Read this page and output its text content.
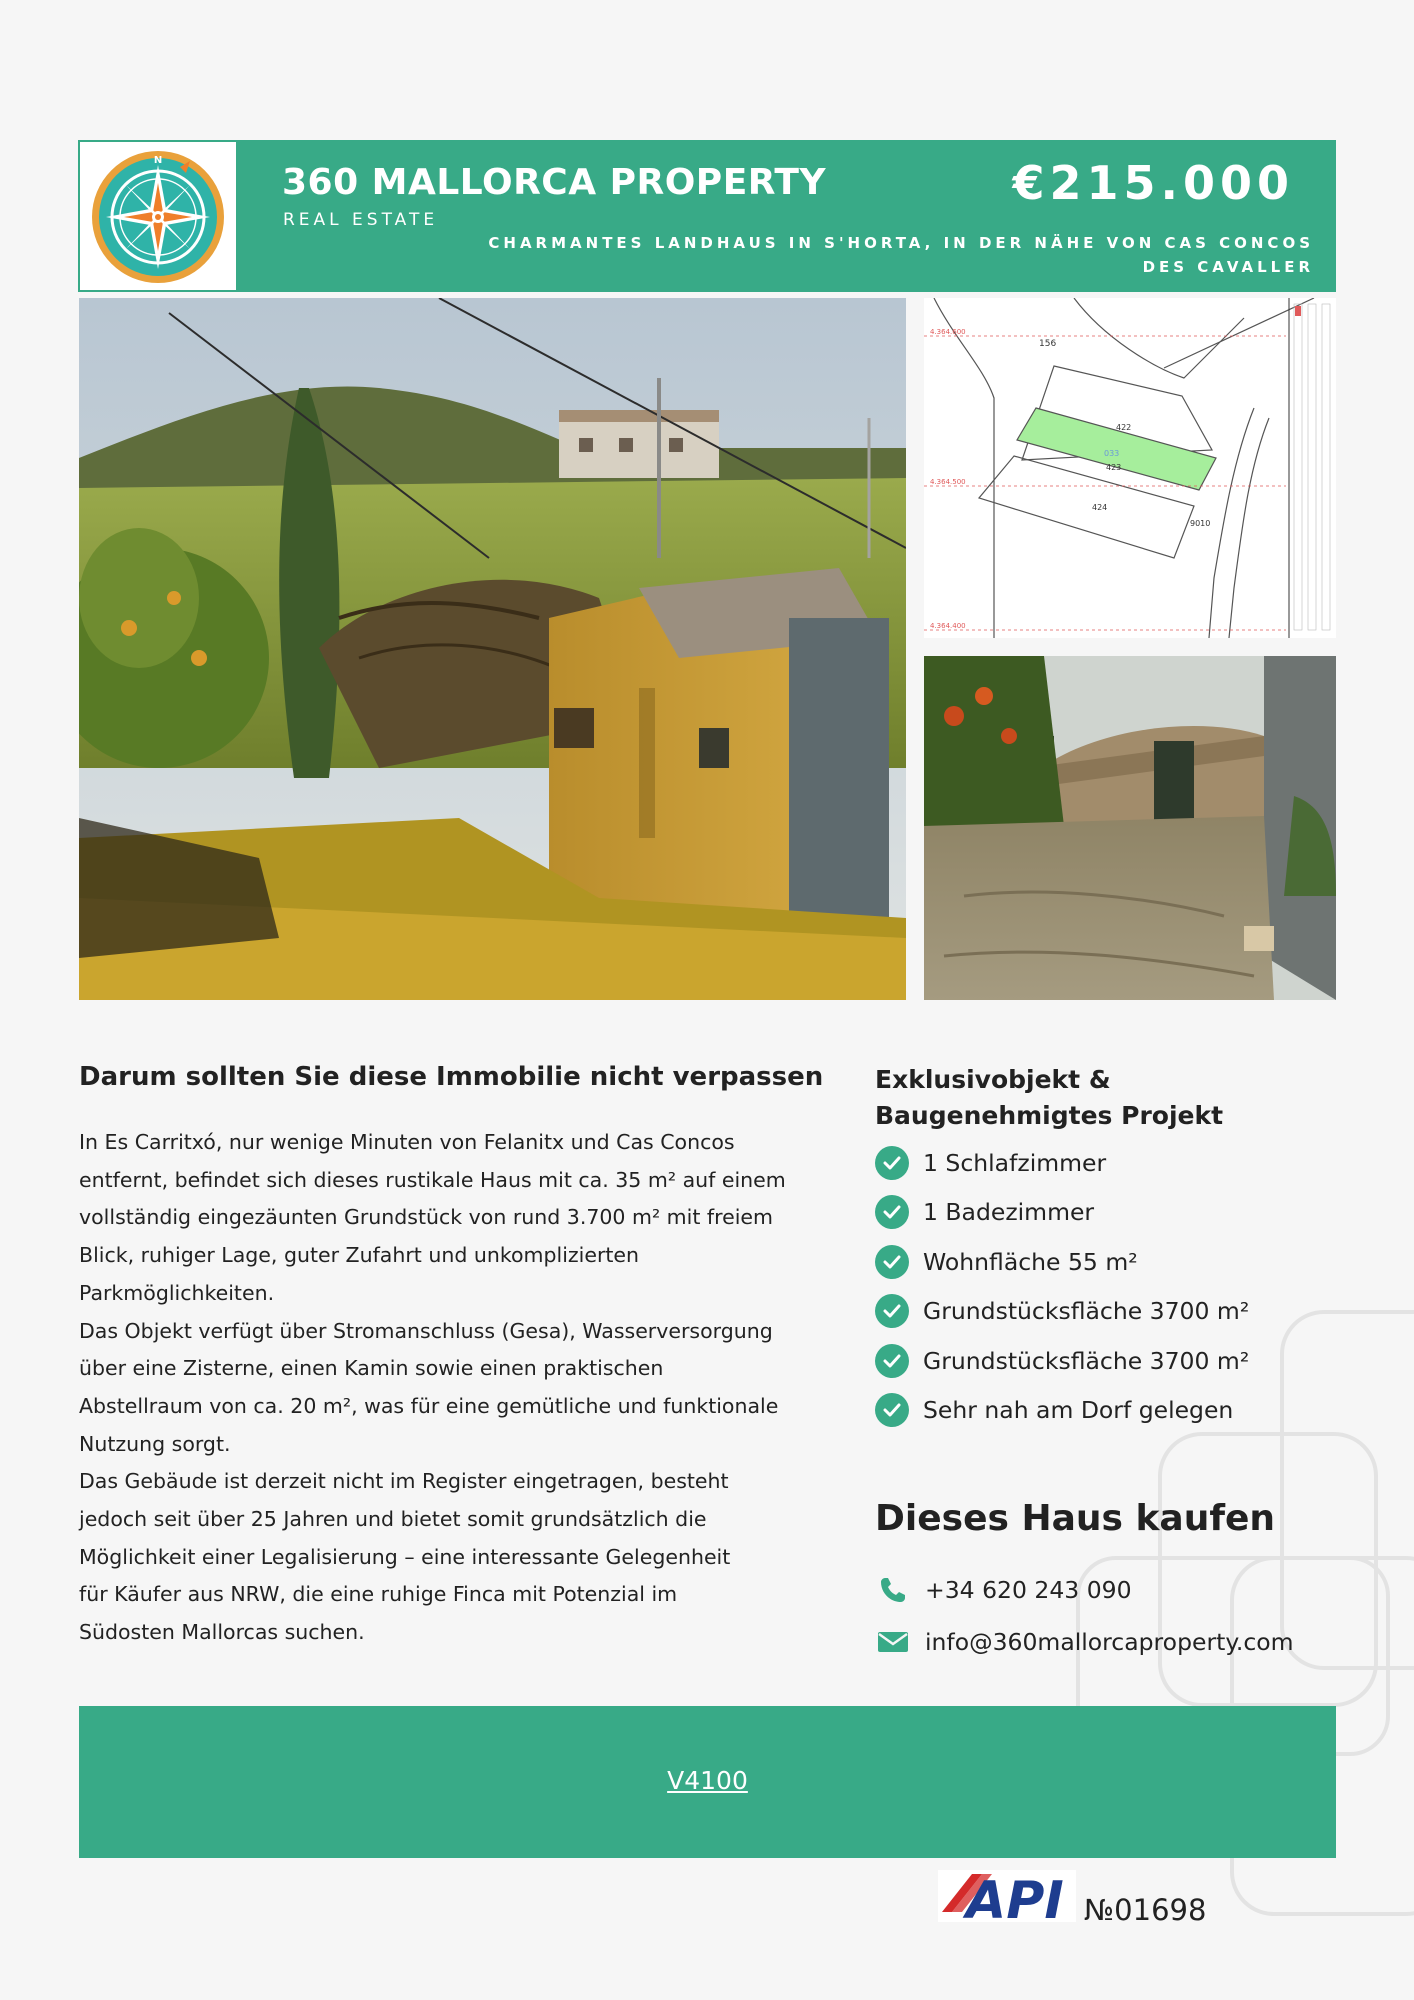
N
360 MALLORCA PROPERTY
REAL ESTATE
€215.000
CHARMANTES LANDHAUS IN S'HORTA, IN DER NÄHE VON CAS CONCOS DES CAVALLER
156
422
033
423
424
9010
4.364.600
4.364.500
4.364.400
Darum sollten Sie diese Immobilie nicht verpassen
In Es Carritxó, nur wenige Minuten von Felanitx und Cas Concos
entfernt, befindet sich dieses rustikale Haus mit ca. 35 m² auf einem
vollständig eingezäunten Grundstück von rund 3.700 m² mit freiem
Blick, ruhiger Lage, guter Zufahrt und unkomplizierten
Parkmöglichkeiten.
Das Objekt verfügt über Stromanschluss (Gesa), Wasserversorgung
über eine Zisterne, einen Kamin sowie einen praktischen
Abstellraum von ca. 20 m², was für eine gemütliche und funktionale
Nutzung sorgt.
Das Gebäude ist derzeit nicht im Register eingetragen, besteht
jedoch seit über 25 Jahren und bietet somit grundsätzlich die
Möglichkeit einer Legalisierung – eine interessante Gelegenheit
für Käufer aus NRW, die eine ruhige Finca mit Potenzial im
Südosten Mallorcas suchen.
Exklusivobjekt & Baugenehmigtes Projekt
1 Schlafzimmer
1 Badezimmer
Wohnfläche 55 m²
Grundstücksfläche 3700 m²
Grundstücksfläche 3700 m²
Sehr nah am Dorf gelegen
Dieses Haus kaufen
+34 620 243 090
info@360mallorcaproperty.com
V4100
API №01698
